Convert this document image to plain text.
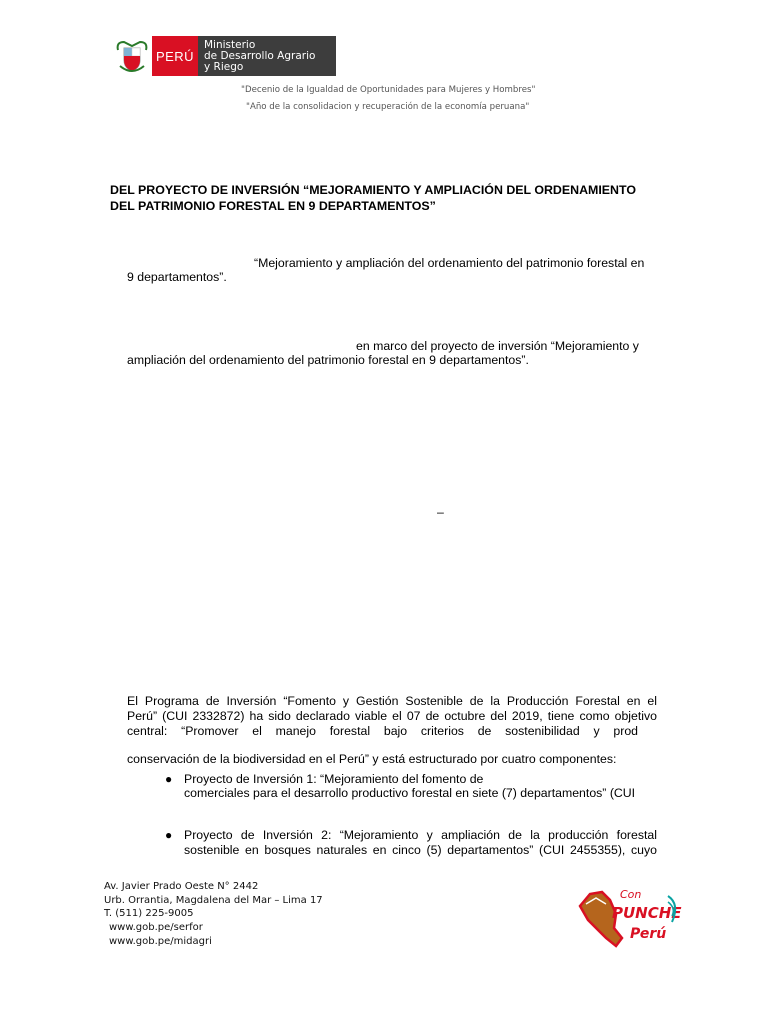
PERÚ
Ministerio
de Desarrollo Agrario
y Riego
"Decenio de la Igualdad de Oportunidades para Mujeres y Hombres"
"Año de la consolidacion y recuperación de la economía peruana"
DEL PROYECTO DE INVERSIÓN “MEJORAMIENTO Y AMPLIACIÓN DEL ORDENAMIENTO
DEL PATRIMONIO FORESTAL EN 9 DEPARTAMENTOS”
“Mejoramiento y ampliación del ordenamiento del patrimonio forestal en
9 departamentos”.
en marco del proyecto de inversión “Mejoramiento y
ampliación del ordenamiento del patrimonio forestal en 9 departamentos”.
–
El Programa de Inversión “Fomento y Gestión Sostenible de la Producción Forestal en el
Perú” (CUI 2332872) ha sido declarado viable el 07 de octubre del 2019, tiene como objetivo
central: “Promover el manejo forestal bajo criterios de sostenibilidad y prod
conservación de la biodiversidad en el Perú” y está estructurado por cuatro componentes:
● Proyecto de Inversión 1: “Mejoramiento del fomento de
comerciales para el desarrollo productivo forestal en siete (7) departamentos” (CUI
● Proyecto de Inversión 2: “Mejoramiento y ampliación de la producción forestal
sostenible en bosques naturales en cinco (5) departamentos” (CUI 2455355), cuyo
Av. Javier Prado Oeste N° 2442
Urb. Orrantia, Magdalena del Mar – Lima 17
T. (511) 225-9005
www.gob.pe/serfor
www.gob.pe/midagri
Con
PUNCHE
Perú
